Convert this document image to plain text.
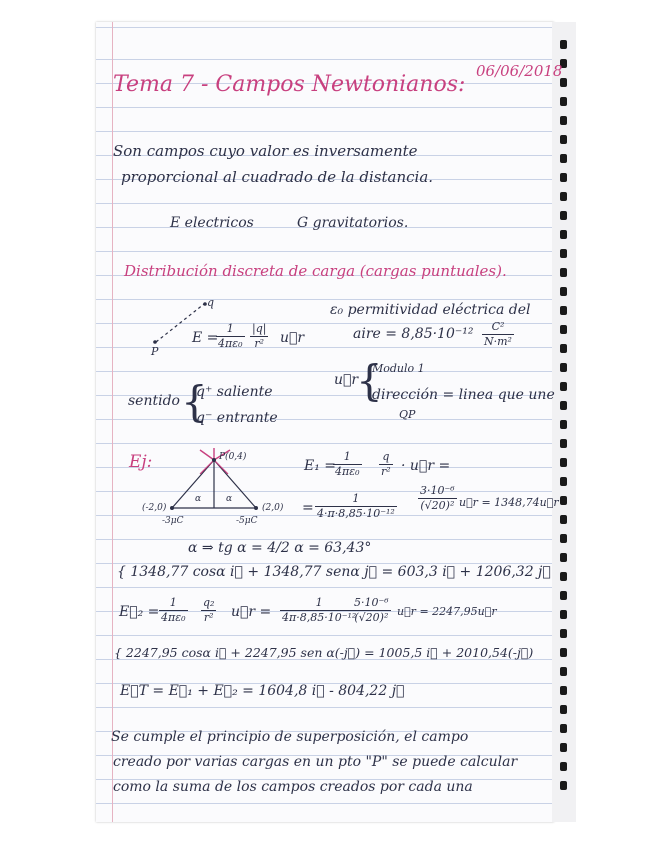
Tema 7 - Campos Newtonianos:
06/06/2018
Son campos cuyo valor es inversamente
proporcional al cuadrado de la distancia.
E electricos	G gravitatorios.
Distribución discreta de carga (cargas puntuales).
q
P
E =
$\frac{1}{\text{4πε₀}} \frac{|q|}{\text{r²}}$ u⃗r
ε₀ permitividad eléctrica del
aire = $8,85\cdot 10^{-12} \frac{\text{C²}}{\text{N·m²}}$
u⃗r
{
Modulo 1
dirección = linea que une
QP
sentido {
q⁺ saliente
q⁻ entrante
Ej:	P(0,4)
(-2,0)	(2,0)
-3μC	-5μC
α	α
E₁ =
$\frac{1}{\text{4πε₀}} \frac{q}{\text{r²}}$ · u⃗r =
= $\frac{1}{\text{4·π·8,85·10⁻¹²}} \frac{\text{3·10⁻⁶}}{\text{(√20)²}}$ u⃗r = 1348,74u⃗r
α ⇒ tg α = 4/2 α = 63,43°
{ 1348,77 cosα i⃗ + 1348,77 senα j⃗ = 603,3 i⃗ + 1206,32 j⃗
E⃗₂ = $\frac{1}{\text{4πε₀}} \frac{\text{q₂}}{\text{r²}}$ u⃗r = $\frac{1}{\text{4π·8,85·10⁻¹²}}$
$\frac{\text{5·10⁻⁶}}{\text{(√20)²}}$ u⃗r = 2247,95u⃗r
{ 2247,95 cosα i⃗ + 2247,95 sen α(-j⃗) = 1005,5 i⃗ + 2010,54(-j⃗)
E⃗T = E⃗₁ + E⃗₂ = 1604,8 i⃗ - 804,22 j⃗
Se cumple el principio de superposición, el campo
creado por varias cargas en un pto "P" se puede calcular
como la suma de los campos creados por cada una
